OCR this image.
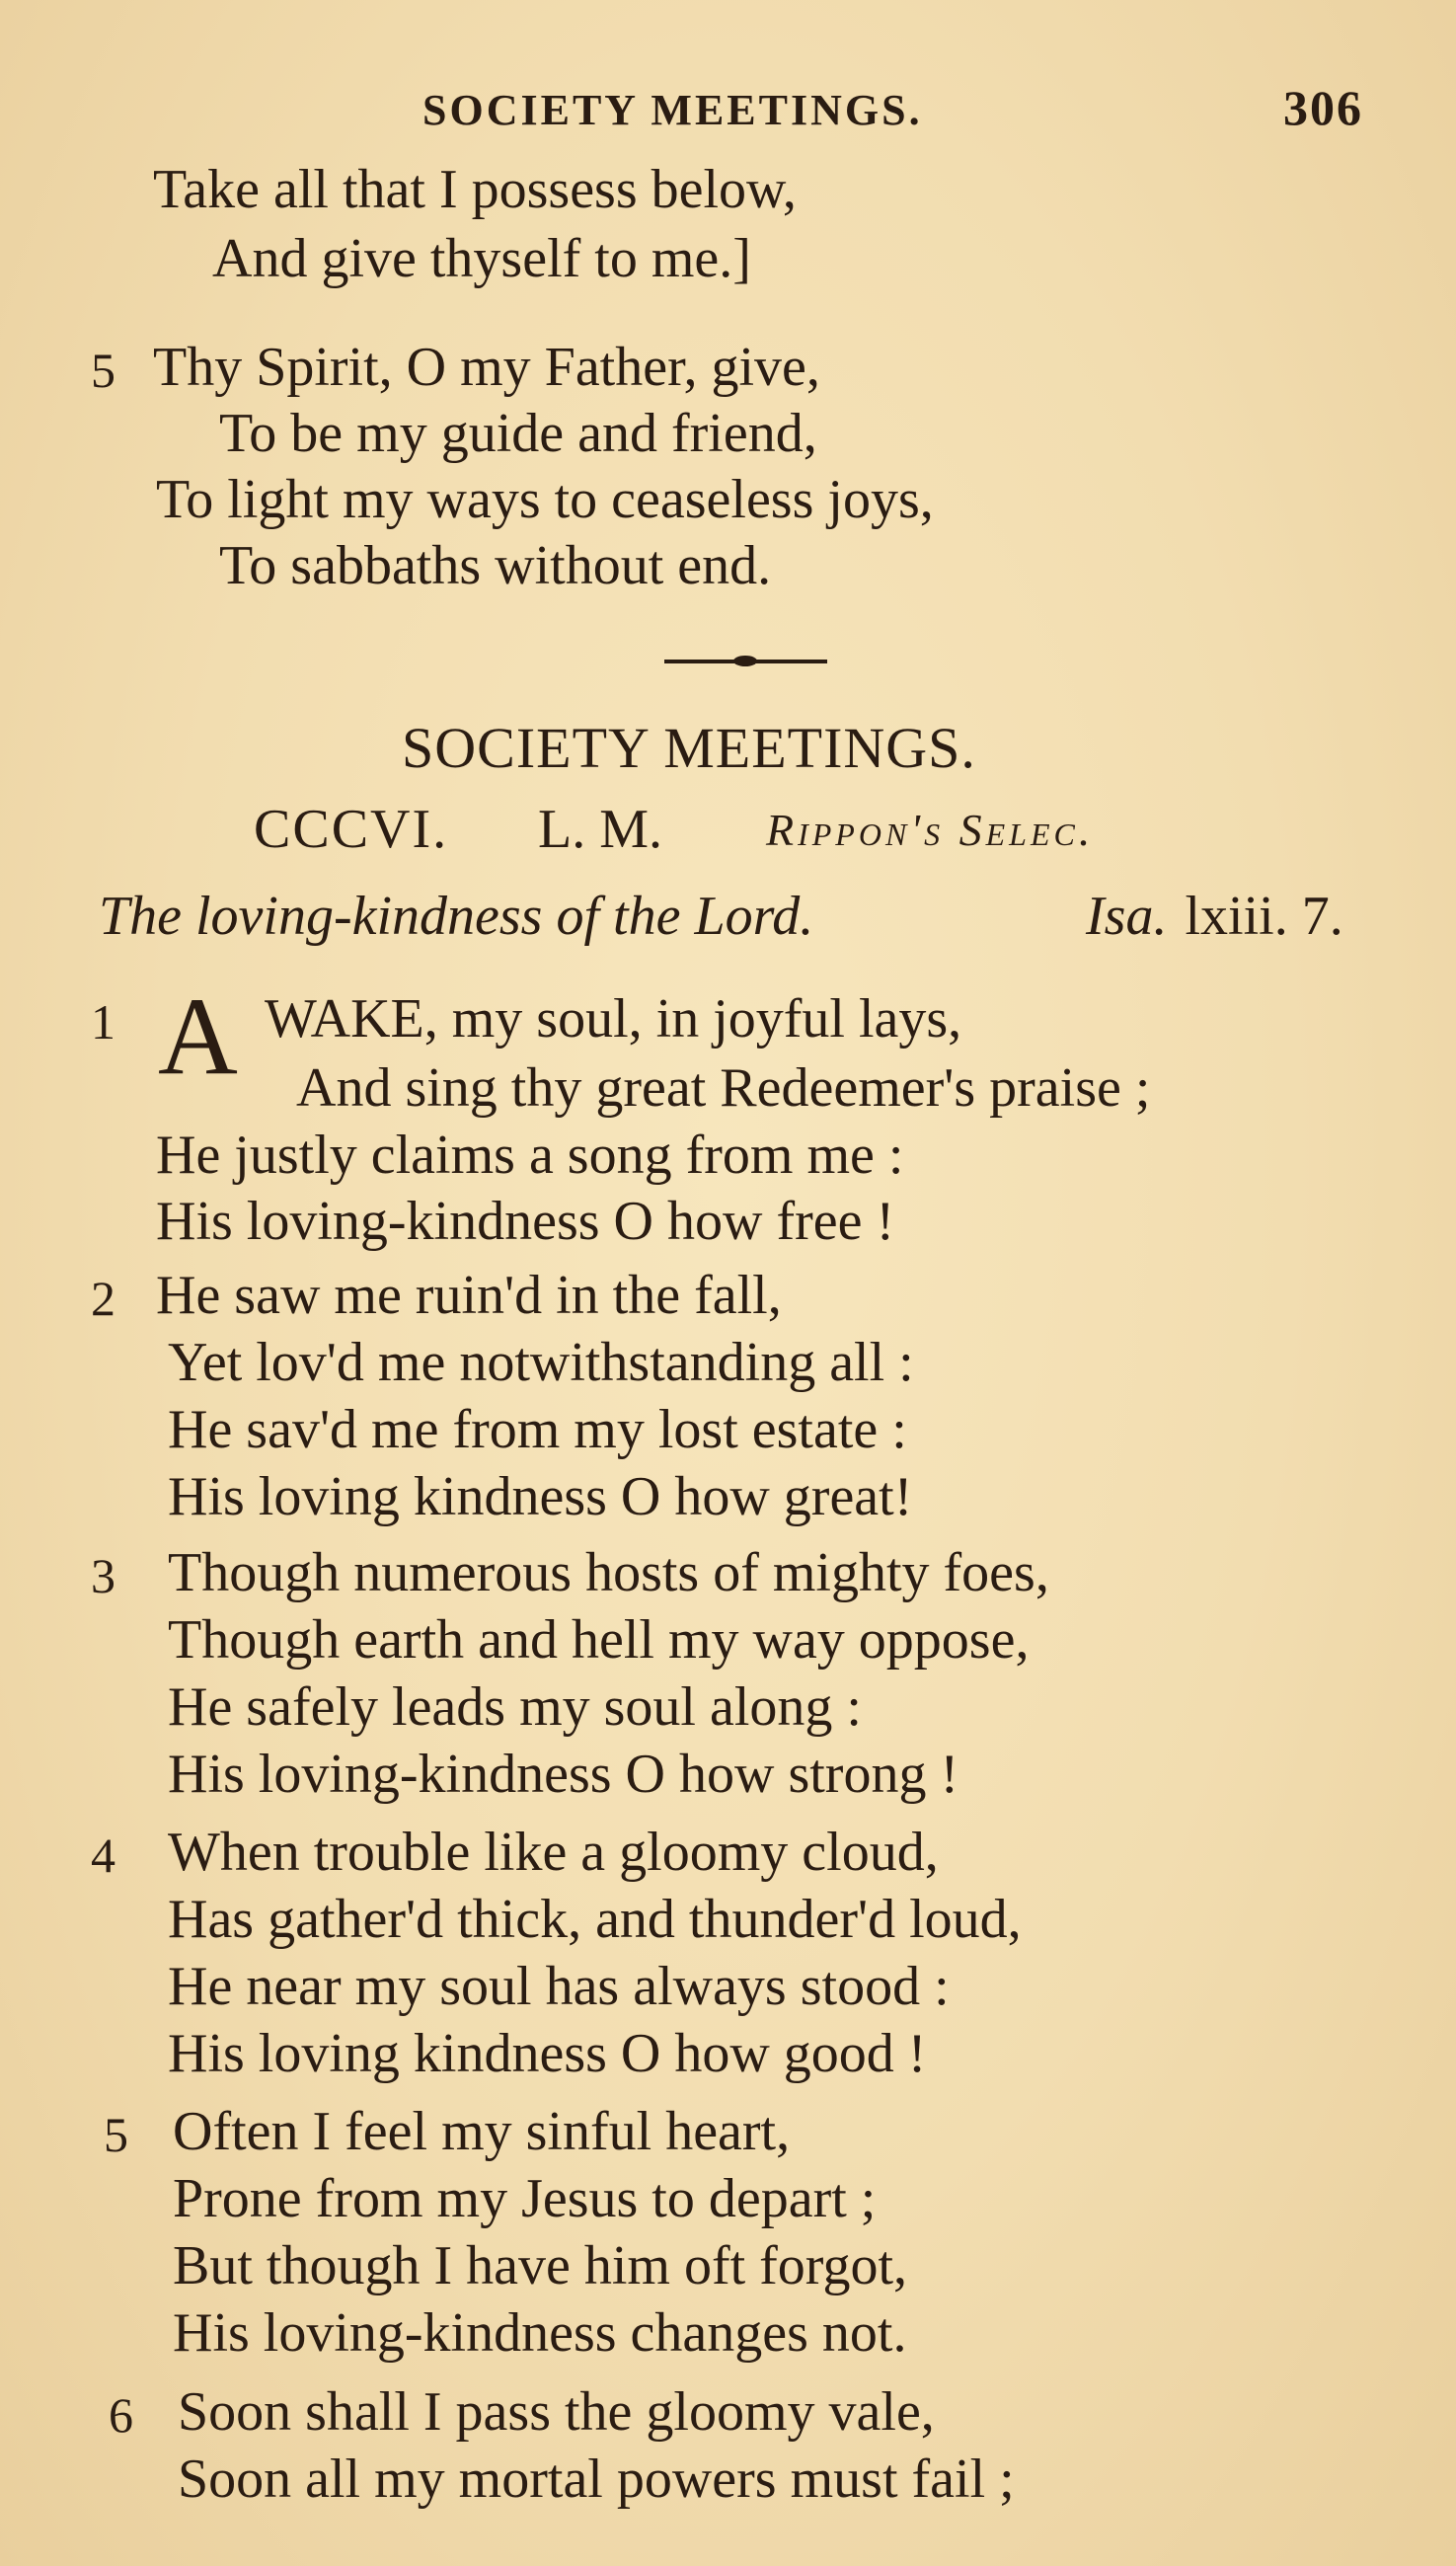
SOCIETY MEETINGS.	306
Take all that I possess below,
And give thyself to me.]
5 Thy Spirit, O my Father, give,
To be my guide and friend,
To light my ways to ceaseless joys,
To sabbaths without end.
SOCIETY MEETINGS.
CCCVI. L. M. Rippon's Selec.
The loving-kindness of the Lord.	Isa. lxiii. 7.
1 A WAKE, my soul, in joyful lays,
And sing thy great Redeemer's praise ;
He justly claims a song from me :
His loving-kindness O how free !
2 He saw me ruin'd in the fall,
Yet lov'd me notwithstanding all :
He sav'd me from my lost estate :
His loving kindness O how great!
3 Though numerous hosts of mighty foes,
Though earth and hell my way oppose,
He safely leads my soul along :
His loving-kindness O how strong !
4 When trouble like a gloomy cloud,
Has gather'd thick, and thunder'd loud,
He near my soul has always stood :
His loving kindness O how good !
5 Often I feel my sinful heart,
Prone from my Jesus to depart ;
But though I have him oft forgot,
His loving-kindness changes not.
6 Soon shall I pass the gloomy vale,
Soon all my mortal powers must fail ;
